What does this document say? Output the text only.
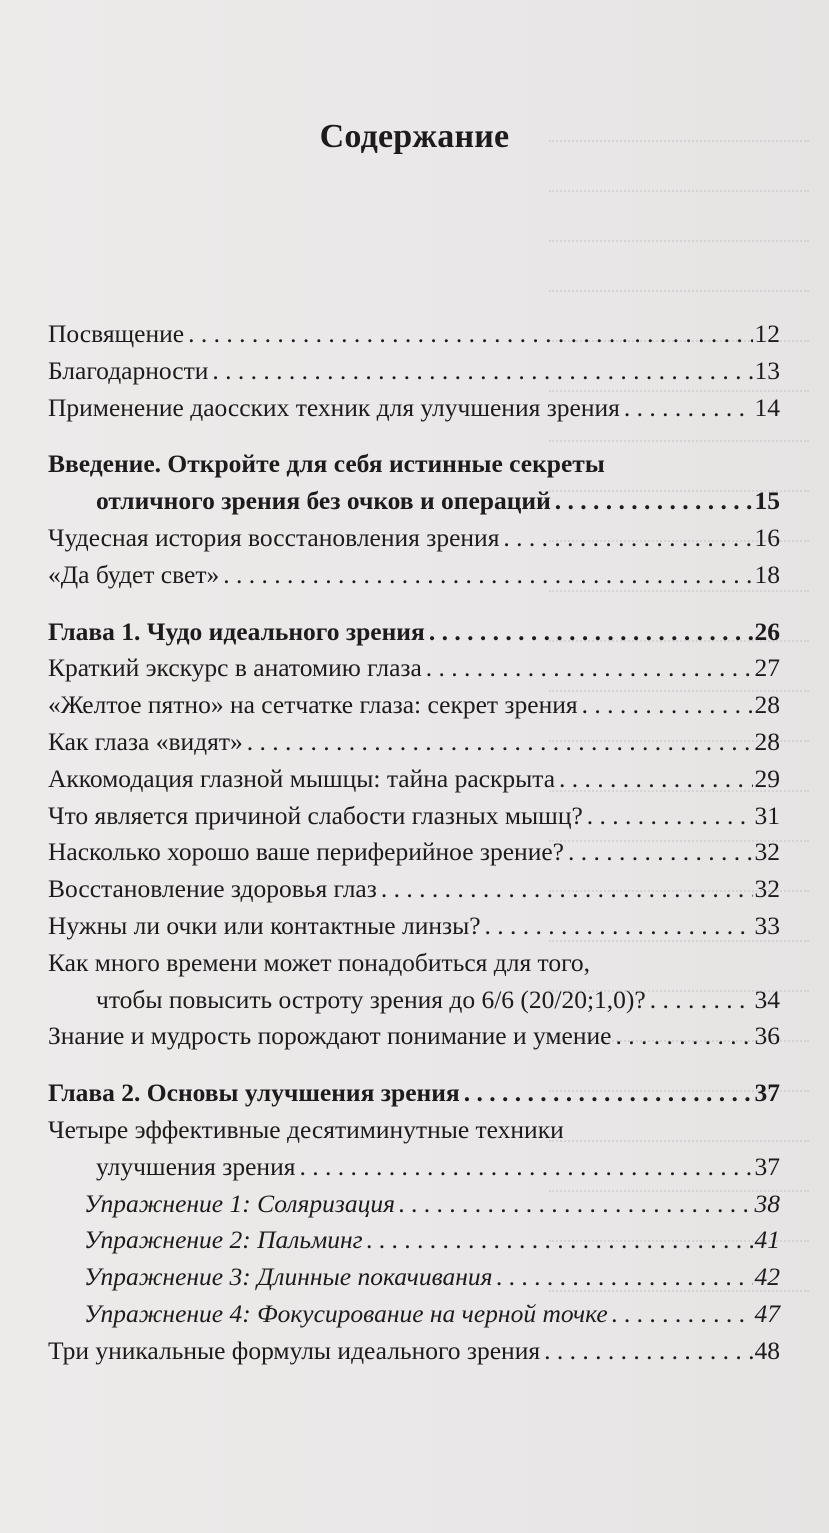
Содержание
Посвящение . . .	12
Благодарности . . .	13
Применение даосских техник для улучшения зрения . . .	14
Введение. Откройте для себя истинные секреты
отличного зрения без очков и операций . . .	15
Чудесная история восстановления зрения . . .	16
«Да будет свет» . . .	18
Глава 1. Чудо идеального зрения . . .	26
Краткий экскурс в анатомию глаза . . .	27
«Желтое пятно» на сетчатке глаза: секрет зрения . . .	28
Как глаза «видят» . . .	28
Аккомодация глазной мышцы: тайна раскрыта . . .	29
Что является причиной слабости глазных мышц? . . .	31
Насколько хорошо ваше периферийное зрение? . . .	32
Восстановление здоровья глаз . . .	32
Нужны ли очки или контактные линзы? . . .	33
Как много времени может понадобиться для того,
чтобы повысить остроту зрения до 6/6 (20/20;1,0)? . . .	34
Знание и мудрость порождают понимание и умение . . .	36
Глава 2. Основы улучшения зрения . . .	37
Четыре эффективные десятиминутные техники
улучшения зрения . . .	37
Упражнение 1: Соляризация . . .	38
Упражнение 2: Пальминг . . .	41
Упражнение 3: Длинные покачивания . . .	42
Упражнение 4: Фокусирование на черной точке . . .	47
Три уникальные формулы идеального зрения . . .	48
